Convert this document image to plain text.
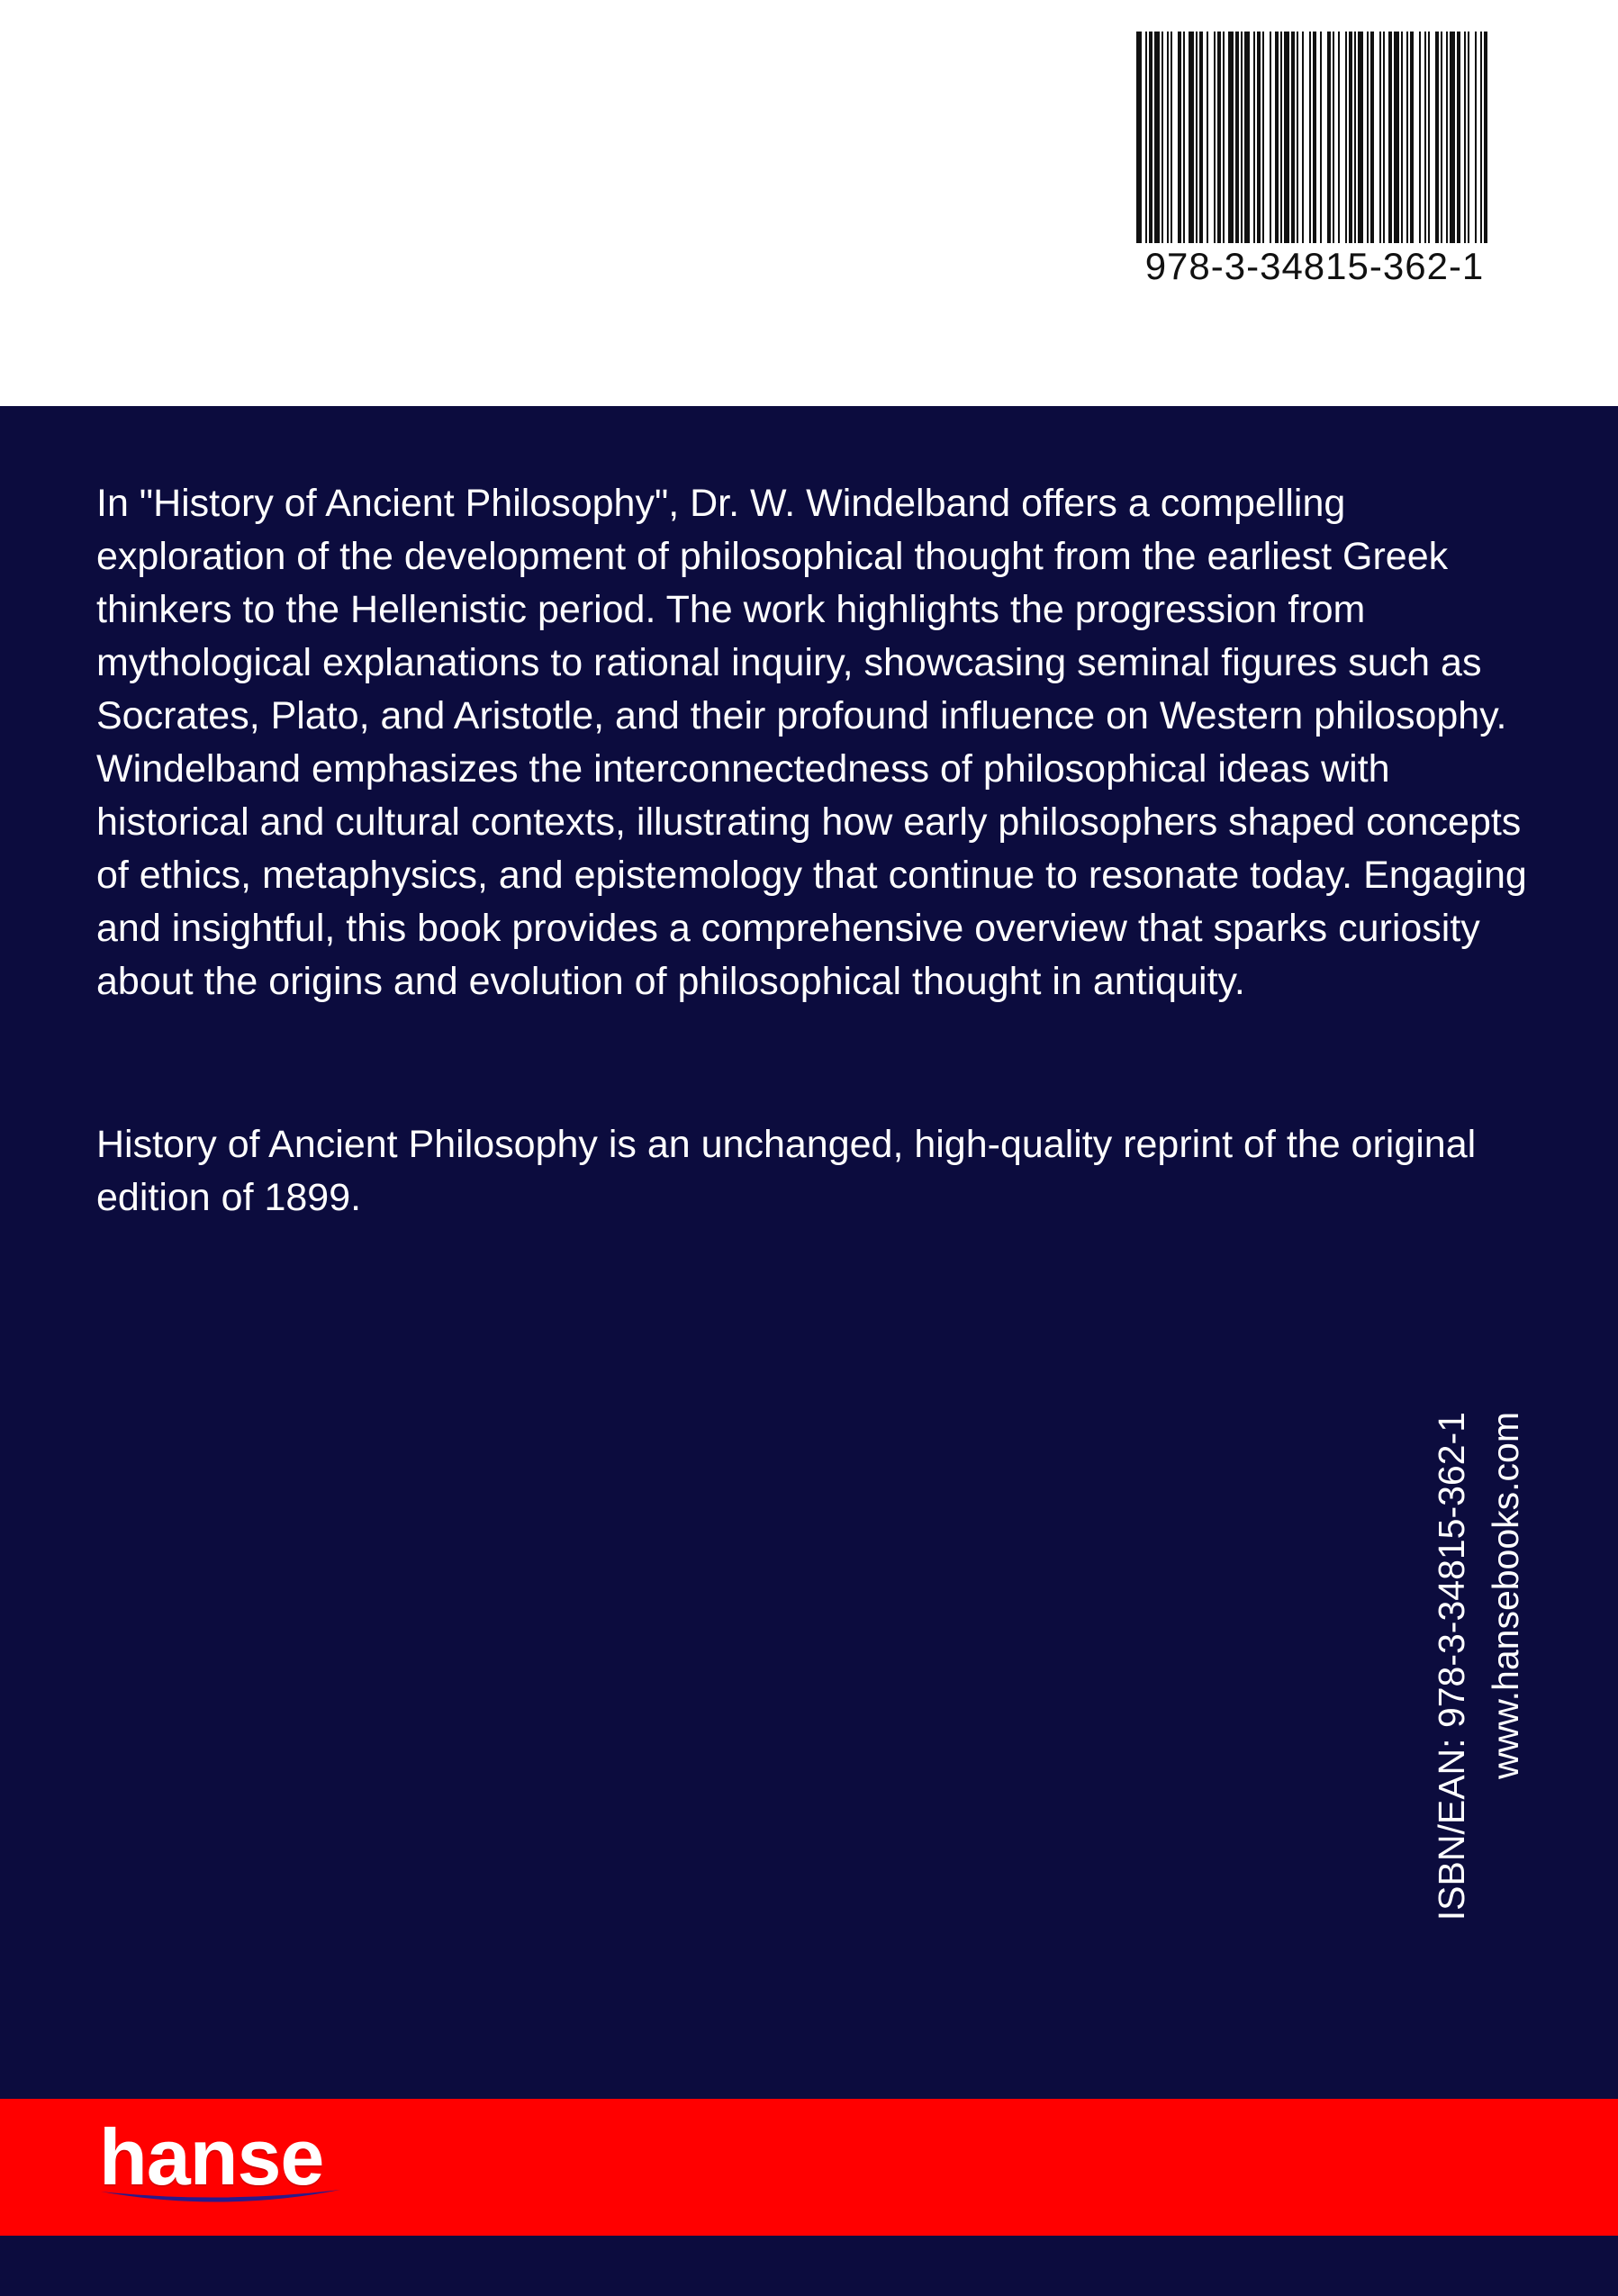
978-3-34815-362-1

In "History of Ancient Philosophy", Dr. W. Windelband offers a compelling exploration of the development of philosophical thought from the earliest Greek thinkers to the Hellenistic period. The work highlights the progression from mythological explanations to rational inquiry, showcasing seminal figures such as Socrates, Plato, and Aristotle, and their profound influence on Western philosophy. Windelband emphasizes the interconnectedness of philosophical ideas with historical and cultural contexts, illustrating how early philosophers shaped concepts of ethics, metaphysics, and epistemology that continue to resonate today. Engaging and insightful, this book provides a comprehensive overview that sparks curiosity about the origins and evolution of philosophical thought in antiquity.

History of Ancient Philosophy is an unchanged, high-quality reprint of the original edition of 1899.

ISBN/EAN: 978-3-34815-362-1 www.hansebooks.com
hanse
